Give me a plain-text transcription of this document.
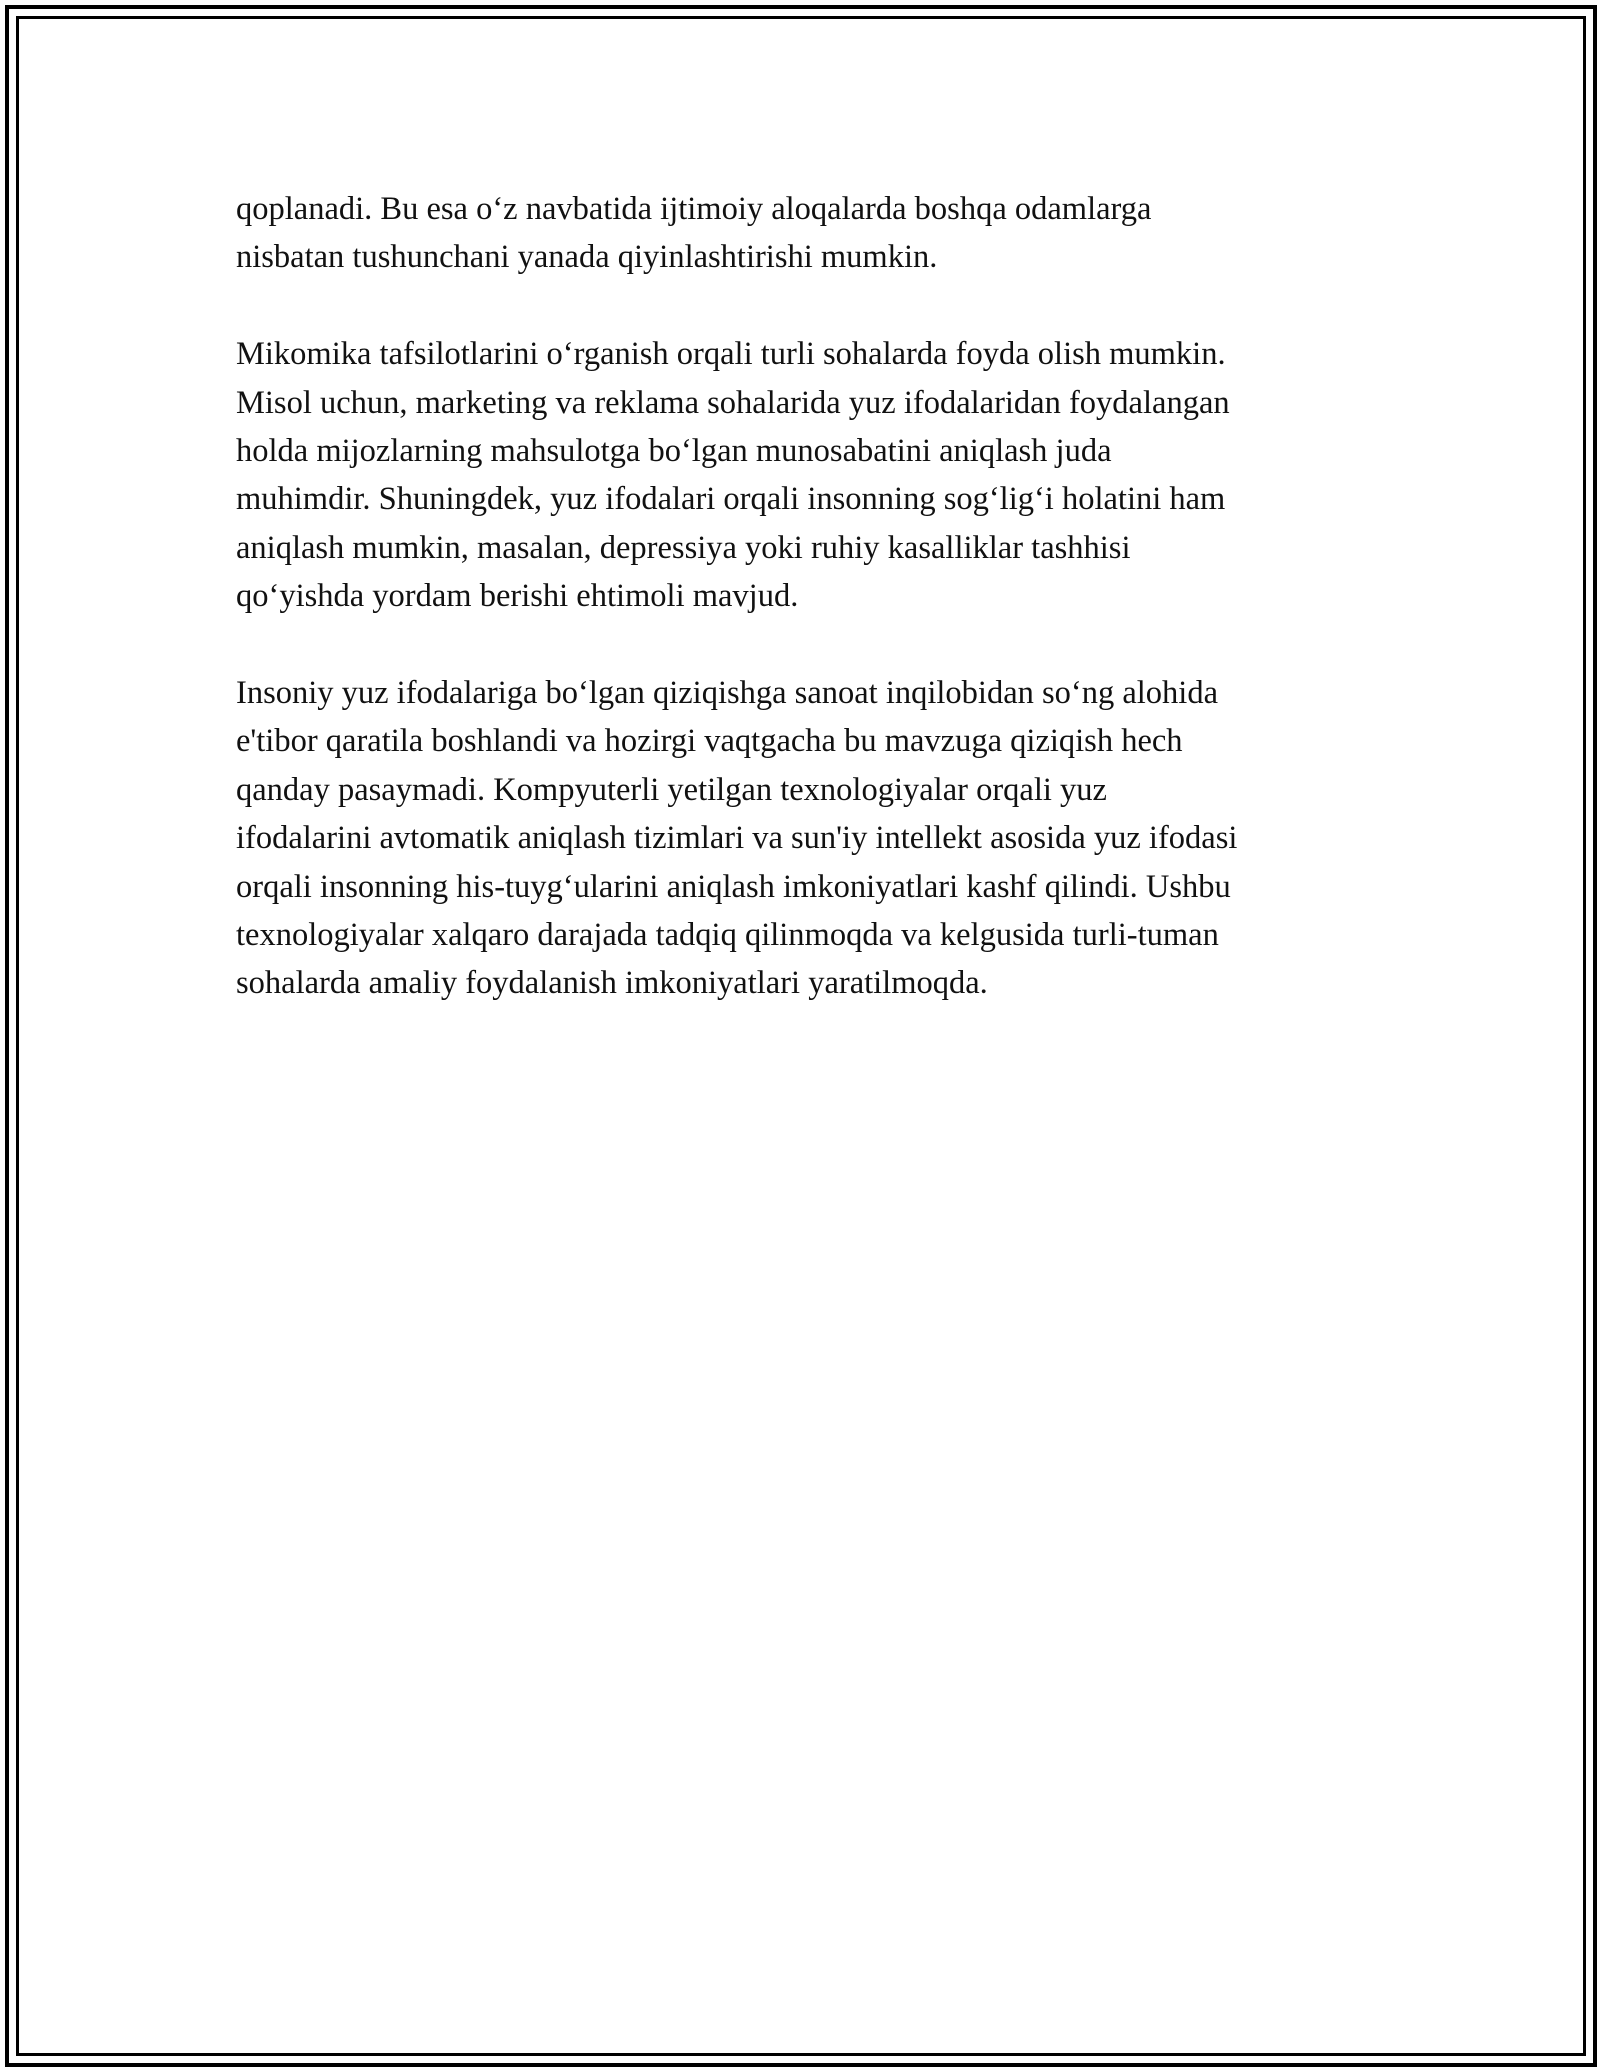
qoplanadi. Bu esa o‘z navbatida ijtimoiy aloqalarda boshqa odamlarga
nisbatan tushunchani yanada qiyinlashtirishi mumkin.

Mikomika tafsilotlarini o‘rganish orqali turli sohalarda foyda olish mumkin.
Misol uchun, marketing va reklama sohalarida yuz ifodalaridan foydalangan
holda mijozlarning mahsulotga bo‘lgan munosabatini aniqlash juda
muhimdir. Shuningdek, yuz ifodalari orqali insonning sog‘lig‘i holatini ham
aniqlash mumkin, masalan, depressiya yoki ruhiy kasalliklar tashhisi
qo‘yishda yordam berishi ehtimoli mavjud.

Insoniy yuz ifodalariga bo‘lgan qiziqishga sanoat inqilobidan so‘ng alohida
e'tibor qaratila boshlandi va hozirgi vaqtgacha bu mavzuga qiziqish hech
qanday pasaymadi. Kompyuterli yetilgan texnologiyalar orqali yuz
ifodalarini avtomatik aniqlash tizimlari va sun'iy intellekt asosida yuz ifodasi
orqali insonning his-tuyg‘ularini aniqlash imkoniyatlari kashf qilindi. Ushbu
texnologiyalar xalqaro darajada tadqiq qilinmoqda va kelgusida turli-tuman
sohalarda amaliy foydalanish imkoniyatlari yaratilmoqda.
